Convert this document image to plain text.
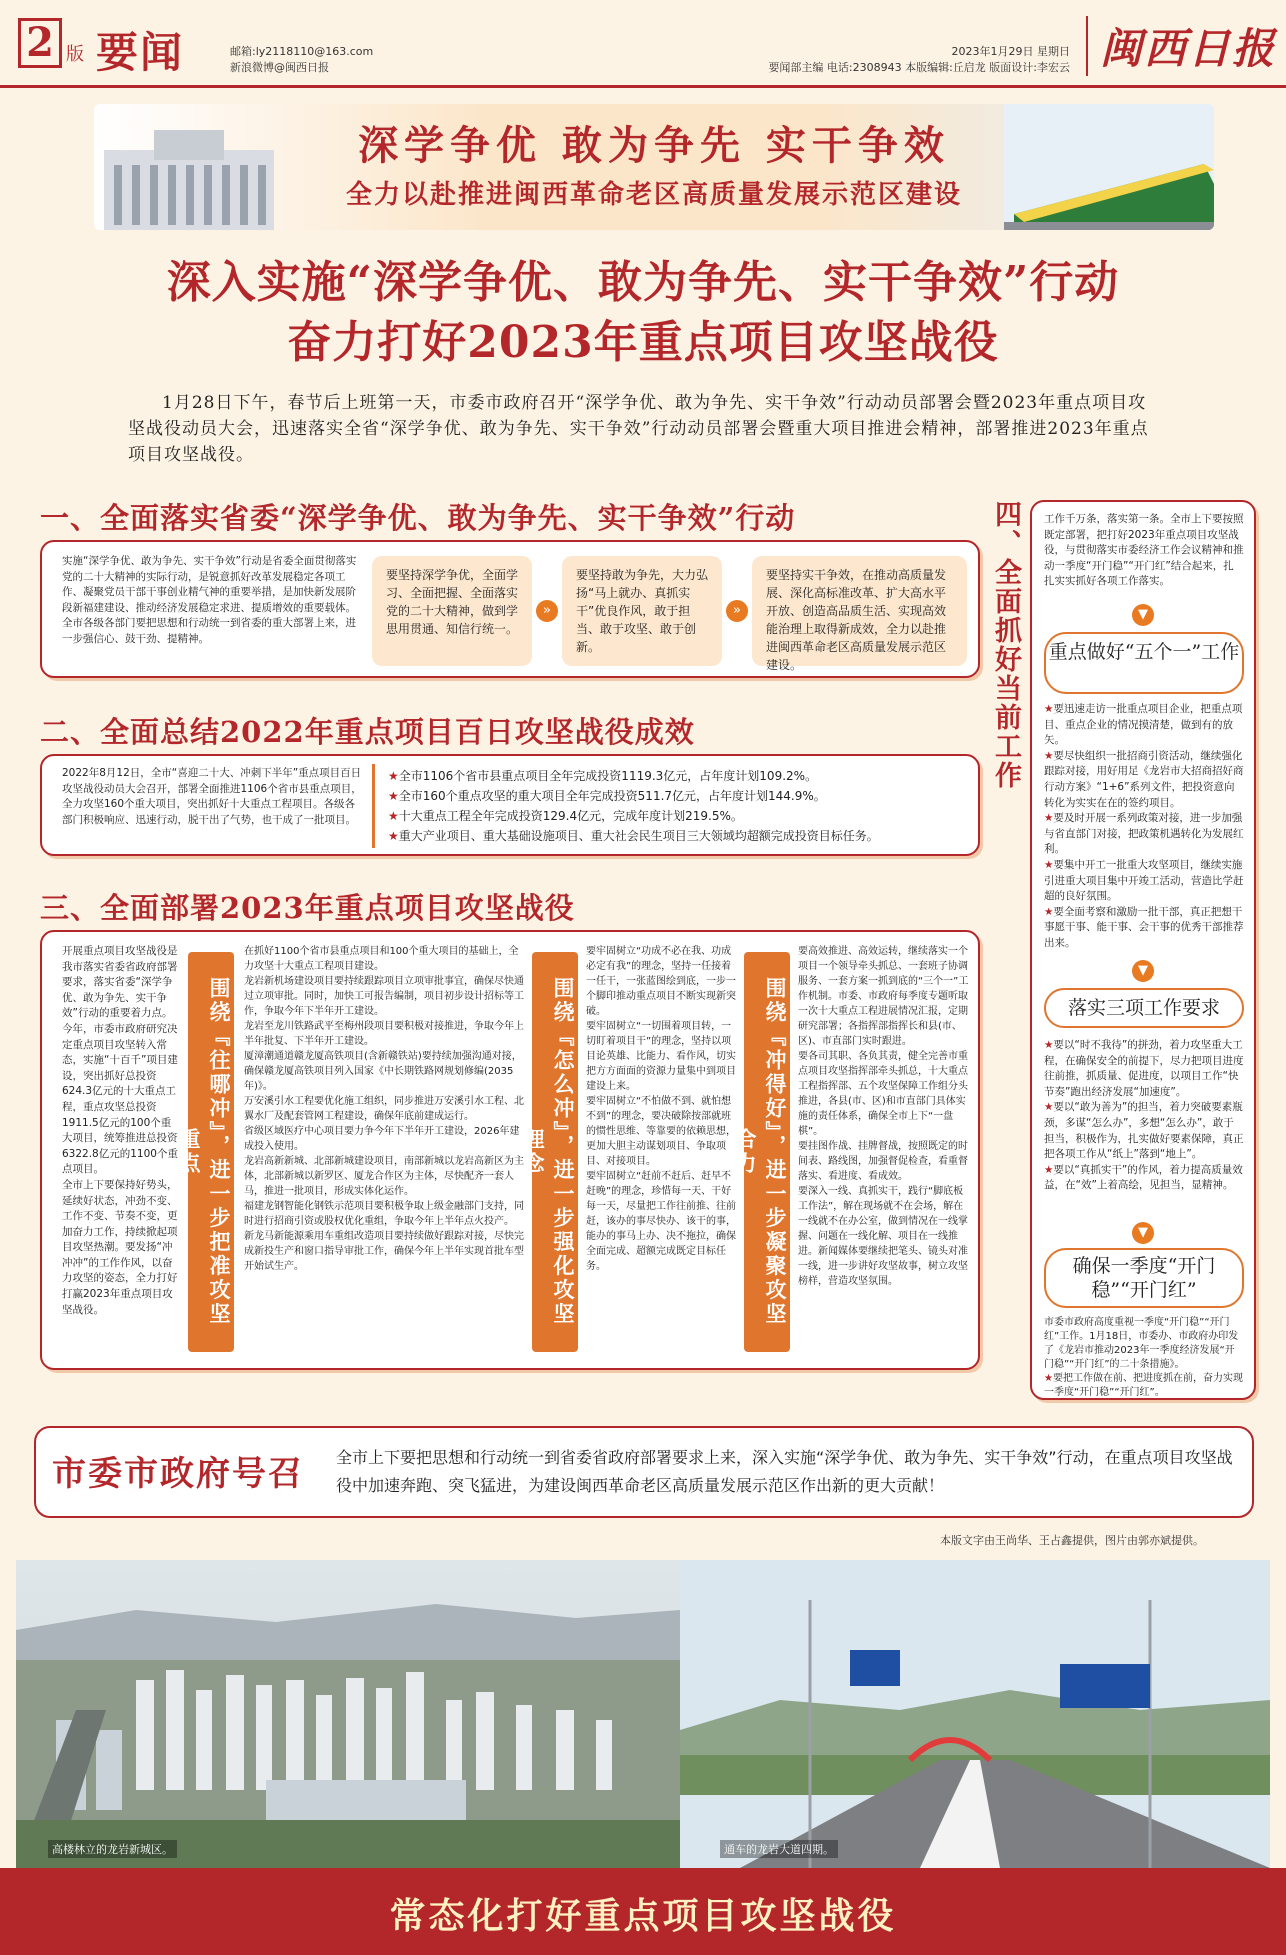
2 版 要闻	邮箱:ly2118110@163.com
新浪微博@闽西日报
2023年1月29日 星期日
要闻部主编 电话:2308943 本版编辑:丘启龙 版面设计:李宏云 闽西日报
深学争优 敢为争先 实干争效
全力以赴推进闽西革命老区高质量发展示范区建设
深入实施“深学争优、敢为争先、实干争效”行动
奋力打好2023年重点项目攻坚战役
1月28日下午，春节后上班第一天，市委市政府召开“深学争优、敢为争先、实干争效”行动动员部署会暨2023年重点项目攻坚战役动员大会，迅速落实全省“深学争优、敢为争先、实干争效”行动动员部署会暨重大项目推进会精神，部署推进2023年重点项目攻坚战役。
一、全面落实省委“深学争优、敢为争先、实干争效”行动
实施“深学争优、敢为争先、实干争效”行动是省委全面贯彻落实党的二十大精神的实际行动，是锐意抓好改革发展稳定各项工作、凝聚党员干部干事创业精气神的重要举措，是加快新发展阶段新福建建设、推动经济发展稳定求进、提质增效的重要载体。全市各级各部门要把思想和行动统一到省委的重大部署上来，进一步强信心、鼓干劲、提精神。
要坚持深学争优，全面学习、全面把握、全面落实党的二十大精神，做到学思用贯通、知信行统一。
»
要坚持敢为争先，大力弘扬“马上就办、真抓实干”优良作风，敢于担当、敢于攻坚、敢于创新。
»
要坚持实干争效，在推动高质量发展、深化高标准改革、扩大高水平开放、创造高品质生活、实现高效能治理上取得新成效，全力以赴推进闽西革命老区高质量发展示范区建设。
二、全面总结2022年重点项目百日攻坚战役成效
2022年8月12日，全市“喜迎二十大、冲刺下半年”重点项目百日攻坚战役动员大会召开，部署全面推进1106个省市县重点项目，全力攻坚160个重大项目，突出抓好十大重点工程项目。各级各部门积极响应、迅速行动，脱干出了气势，也干成了一批项目。
★全市1106个省市县重点项目全年完成投资1119.3亿元，占年度计划109.2%。
★全市160个重点攻坚的重大项目全年完成投资511.7亿元，占年度计划144.9%。
★十大重点工程全年完成投资129.4亿元，完成年度计划219.5%。
★重大产业项目、重大基础设施项目、重大社会民生项目三大领域均超额完成投资目标任务。
三、全面部署2023年重点项目攻坚战役
开展重点项目攻坚战役是我市落实省委省政府部署要求，落实省委“深学争优、敢为争先、实干争效”行动的重要着力点。今年，市委市政府研究决定重点项目攻坚转入常态，实施“十百千”项目建设，突出抓好总投资624.3亿元的十大重点工程，重点攻坚总投资1911.5亿元的100个重大项目，统筹推进总投资6322.8亿元的1100个重点项目。
全市上下要保持好势头，延续好状态，冲劲不变、工作不变、节奏不变，更加奋力工作，持续掀起项目攻坚热潮。要发扬“冲冲冲”的工作作风，以奋力攻坚的姿态，全力打好打赢2023年重点项目攻坚战役。	围绕『往哪冲』，进一步把准攻坚重点
在抓好1100个省市县重点项目和100个重大项目的基础上，全力攻坚十大重点工程项目建设。
龙岩新机场建设项目要持续跟踪项目立项审批事宜，确保尽快通过立项审批。同时，加快工可报告编制，项目初步设计招标等工作，争取今年下半年开工建设。
龙岩至龙川铁路武平至梅州段项目要积极对接推进，争取今年上半年批复、下半年开工建设。
厦漳潮通道赣龙厦高铁项目(含新赣铁站)要持续加强沟通对接，确保赣龙厦高铁项目列入国家《中长期铁路网规划修编(2035年)》。
万安溪引水工程要优化施工组织，同步推进万安溪引水工程、北翼水厂及配套管网工程建设，确保年底前建成运行。
省级区域医疗中心项目要力争今年下半年开工建设，2026年建成投入使用。
龙岩高新新城、北部新城建设项目，南部新城以龙岩高新区为主体，北部新城以新罗区、厦龙合作区为主体，尽快配齐一套人马，推进一批项目，形成实体化运作。
福建龙钢智能化钢铁示范项目要积极争取上级金融部门支持，同时进行招商引资或股权优化重组，争取今年上半年点火投产。
新龙马新能源乘用车重组改造项目要持续做好跟踪对接，尽快完成新投生产和窗口指导审批工作，确保今年上半年实现首批车型开始试生产。	围绕『怎么冲』，进一步强化攻坚理念
要牢固树立“功成不必在我、功成必定有我”的理念，坚持一任接着一任干，一张蓝图绘到底，一步一个脚印推动重点项目不断实现新突破。
要牢固树立“一切围着项目转，一切盯着项目干”的理念，坚持以项目论英雄、比能力、看作风，切实把方方面面的资源力量集中到项目建设上来。
要牢固树立“不怕做不到、就怕想不到”的理念，要决破除按部就班的惯性思维、等靠要的依赖思想，更加大胆主动谋划项目、争取项目、对接项目。
要牢固树立“赶前不赶后、赶早不赶晚”的理念，珍惜每一天、干好每一天，尽量把工作往前推、往前赶，该办的事尽快办、该干的事，能办的事马上办、决不拖拉，确保全面完成、超额完成既定目标任务。	围绕『冲得好』，进一步凝聚攻坚合力
要高效推进、高效运转，继续落实一个项目一个领导牵头抓总、一套班子协调服务、一套方案一抓到底的“三个一”工作机制。市委、市政府每季度专题听取一次十大重点工程进展情况汇报，定期研究部署；各指挥部指挥长和县(市、区)、市直部门实时跟进。
要各司其职、各负其责，健全完善市重点项目攻坚指挥部牵头抓总，十大重点工程指挥部、五个攻坚保障工作组分头推进，各县(市、区)和市直部门具体实施的责任体系，确保全市上下“一盘棋”。
要挂图作战、挂牌督战，按照既定的时间表、路线图，加强督促检查，看重督落实、看进度、看成效。
要深入一线、真抓实干，践行“脚底板工作法”，解在现场就不在会场，解在一线就不在办公室，做到情况在一线掌握、问题在一线化解、项目在一线推进。新闻媒体要继续把笔头、镜头对准一线，进一步讲好攻坚故事，树立攻坚榜样，营造攻坚氛围。
四、全面抓好当前工作	工作千万条，落实第一条。全市上下要按照既定部署，把打好2023年重点项目攻坚战役，与贯彻落实市委经济工作会议精神和推动一季度“开门稳”“开门红”结合起来，扎扎实实抓好各项工作落实。
▼
重点做好“五个一”工作
★要迅速走访一批重点项目企业，把重点项目、重点企业的情况摸清楚，做到有的放矢。
★要尽快组织一批招商引资活动，继续强化跟踪对接，用好用足《龙岩市大招商招好商行动方案》“1+6”系列文件，把投资意向转化为实实在在的签约项目。
★要及时开展一系列政策对接，进一步加强与省直部门对接，把政策机遇转化为发展红利。
★要集中开工一批重大攻坚项目，继续实施引进重大项目集中开竣工活动，营造比学赶超的良好氛围。
★要全面考察和激励一批干部，真正把想干事愿干事、能干事、会干事的优秀干部推荐出来。
▼
落实三项工作要求
★要以“时不我待”的拼劲，着力攻坚重大工程，在确保安全的前提下，尽力把项目进度往前推，抓质量、促进度，以项目工作“快节奏”跑出经济发展“加速度”。
★要以“敢为善为”的担当，着力突破要素瓶颈，多谋“怎么办”，多想“怎么办”，敢于担当，积极作为，扎实做好要素保障，真正把各项工作从“纸上”落到“地上”。
★要以“真抓实干”的作风，着力提高质量效益，在“效”上着高绘，见担当，显精神。
▼
确保一季度“开门稳”“开门红”
市委市政府高度重视一季度“开门稳”“开门红”工作。1月18日，市委办、市政府办印发了《龙岩市推动2023年一季度经济发展“开门稳”“开门红”的二十条措施》。
★要把工作做在前、把进度抓在前，奋力实现一季度“开门稳”“开门红”。
市委市政府号召 全市上下要把思想和行动统一到省委省政府部署要求上来，深入实施“深学争优、敢为争先、实干争效”行动，在重点项目攻坚战役中加速奔跑、突飞猛进，为建设闽西革命老区高质量发展示范区作出新的更大贡献！
本版文字由王尚华、王占鑫提供，图片由郭亦斌提供。
高楼林立的龙岩新城区。	通车的龙岩大道四期。
常态化打好重点项目攻坚战役
